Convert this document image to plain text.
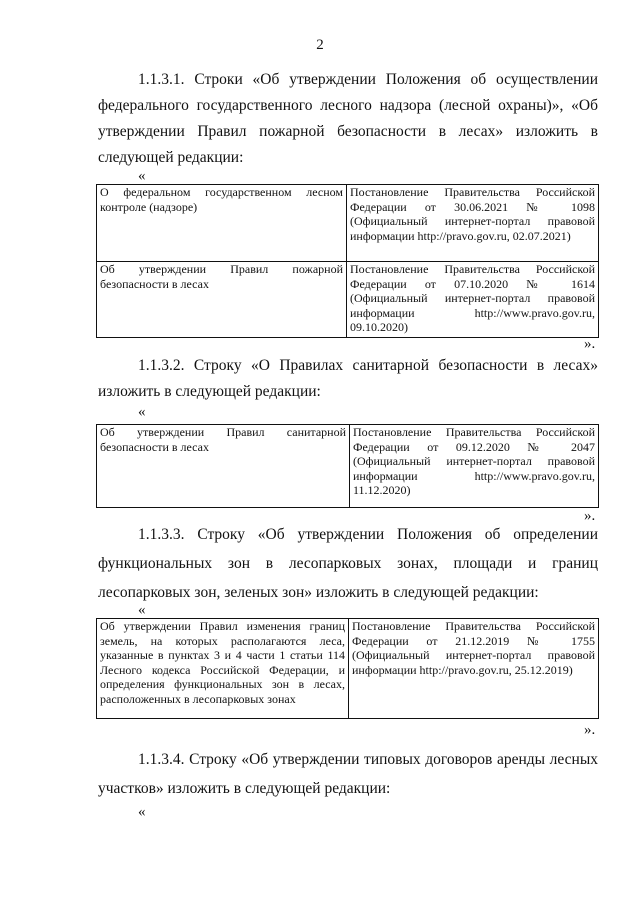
2

1.1.3.1. Строки «Об утверждении Положения об осуществлении федерального государственного лесного надзора (лесной охраны)», «Об утверждении Правил пожарной безопасности в лесах» изложить в следующей редакции:

«
О федеральном государственном лесном контроле (надзоре)	Постановление Правительства Российской Федерации от 30.06.2021 № 1098 (Официальный интернет-портал правовой информации http://pravo.gov.ru, 02.07.2021)
Об утверждении Правил пожарной безопасности в лесах	Постановление Правительства Российской Федерации от 07.10.2020 № 1614 (Официальный интернет-портал правовой информации http://www.pravo.gov.ru, 09.10.2020)
».

1.1.3.2. Строку «О Правилах санитарной безопасности в лесах» изложить в следующей редакции:

«
Об утверждении Правил санитарной безопасности в лесах	Постановление Правительства Российской Федерации от 09.12.2020 № 2047 (Официальный интернет-портал правовой информации http://www.pravo.gov.ru, 11.12.2020)
».

1.1.3.3. Строку «Об утверждении Положения об определении функциональных зон в лесопарковых зонах, площади и границ лесопарковых зон, зеленых зон» изложить в следующей редакции:

«
Об утверждении Правил изменения границ земель, на которых располагаются леса, указанные в пунктах 3 и 4 части 1 статьи 114 Лесного кодекса Российской Федерации, и определения функциональных зон в лесах, расположенных в лесопарковых зонах	Постановление Правительства Российской Федерации от 21.12.2019 № 1755 (Официальный интернет-портал правовой информации http://pravo.gov.ru, 25.12.2019)
».

1.1.3.4. Строку «Об утверждении типовых договоров аренды лесных участков» изложить в следующей редакции:

«
